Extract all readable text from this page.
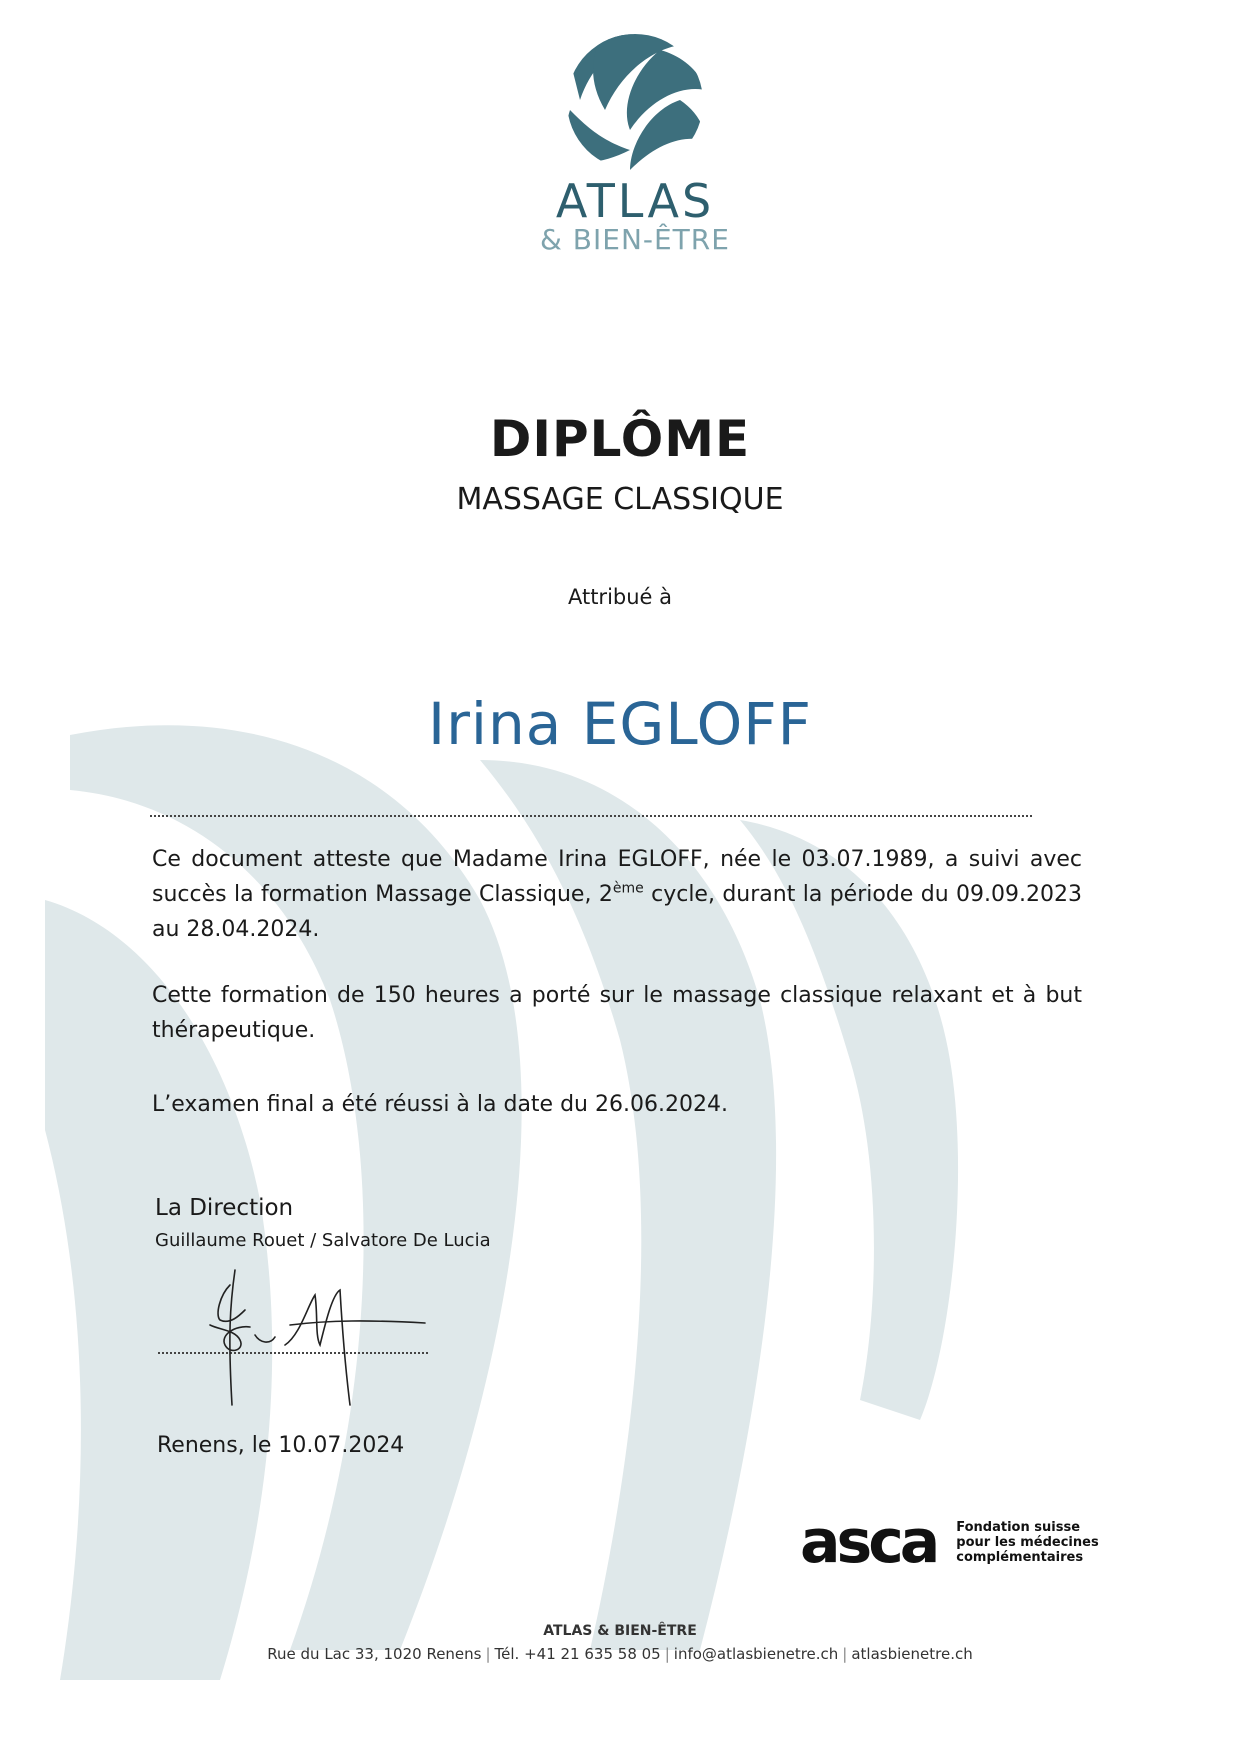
ATLAS
& BIEN-ÊTRE
DIPLÔME
MASSAGE CLASSIQUE
Attribué à
Irina EGLOFF
Ce document atteste que Madame Irina EGLOFF, née le 03.07.1989, a suivi avec succès la formation Massage Classique, 2ème cycle, durant la période du 09.09.2023 au 28.04.2024.
Cette formation de 150 heures a porté sur le massage classique relaxant et à but thérapeutique.
L’examen final a été réussi à la date du 26.06.2024.
La Direction
Guillaume Rouet / Salvatore De Lucia
Renens, le 10.07.2024
asca Fondation suisse
pour les médecines
complémentaires
ATLAS & BIEN-ÊTRE
Rue du Lac 33, 1020 Renens | Tél. +41 21 635 58 05 | info@atlasbienetre.ch | atlasbienetre.ch
